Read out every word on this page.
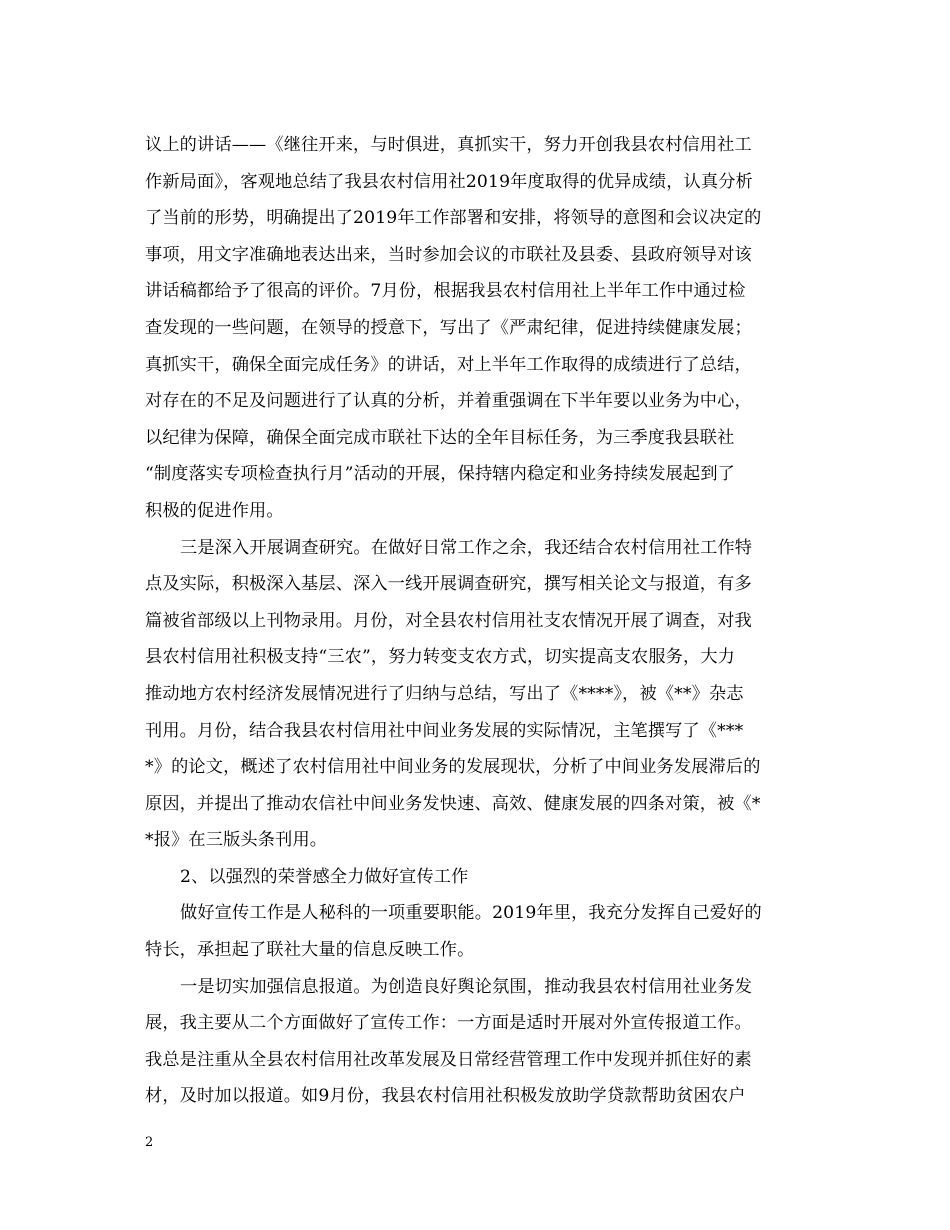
议上的讲话——《继往开来，与时俱进，真抓实干，努力开创我县农村信用社工
作新局面》，客观地总结了我县农村信用社2019年度取得的优异成绩，认真分析
了当前的形势，明确提出了2019年工作部署和安排，将领导的意图和会议决定的
事项，用文字准确地表达出来，当时参加会议的市联社及县委、县政府领导对该
讲话稿都给予了很高的评价。7月份，根据我县农村信用社上半年工作中通过检
查发现的一些问题，在领导的授意下，写出了《严肃纪律，促进持续健康发展；
真抓实干，确保全面完成任务》的讲话，对上半年工作取得的成绩进行了总结，
对存在的不足及问题进行了认真的分析，并着重强调在下半年要以业务为中心，
以纪律为保障，确保全面完成市联社下达的全年目标任务，为三季度我县联社
“制度落实专项检查执行月”活动的开展，保持辖内稳定和业务持续发展起到了
积极的促进作用。
三是深入开展调查研究。在做好日常工作之余，我还结合农村信用社工作特
点及实际，积极深入基层、深入一线开展调查研究，撰写相关论文与报道，有多
篇被省部级以上刊物录用。月份，对全县农村信用社支农情况开展了调查，对我
县农村信用社积极支持“三农”，努力转变支农方式，切实提高支农服务，大力
推动地方农村经济发展情况进行了归纳与总结，写出了《****》，被《**》杂志
刊用。月份，结合我县农村信用社中间业务发展的实际情况，主笔撰写了《***
*》的论文，概述了农村信用社中间业务的发展现状，分析了中间业务发展滞后的
原因，并提出了推动农信社中间业务发快速、高效、健康发展的四条对策，被《*
*报》在三版头条刊用。
2、以强烈的荣誉感全力做好宣传工作
做好宣传工作是人秘科的一项重要职能。2019年里，我充分发挥自己爱好的
特长，承担起了联社大量的信息反映工作。
一是切实加强信息报道。为创造良好舆论氛围，推动我县农村信用社业务发
展，我主要从二个方面做好了宣传工作：一方面是适时开展对外宣传报道工作。
我总是注重从全县农村信用社改革发展及日常经营管理工作中发现并抓住好的素
材，及时加以报道。如9月份，我县农村信用社积极发放助学贷款帮助贫困农户
2
